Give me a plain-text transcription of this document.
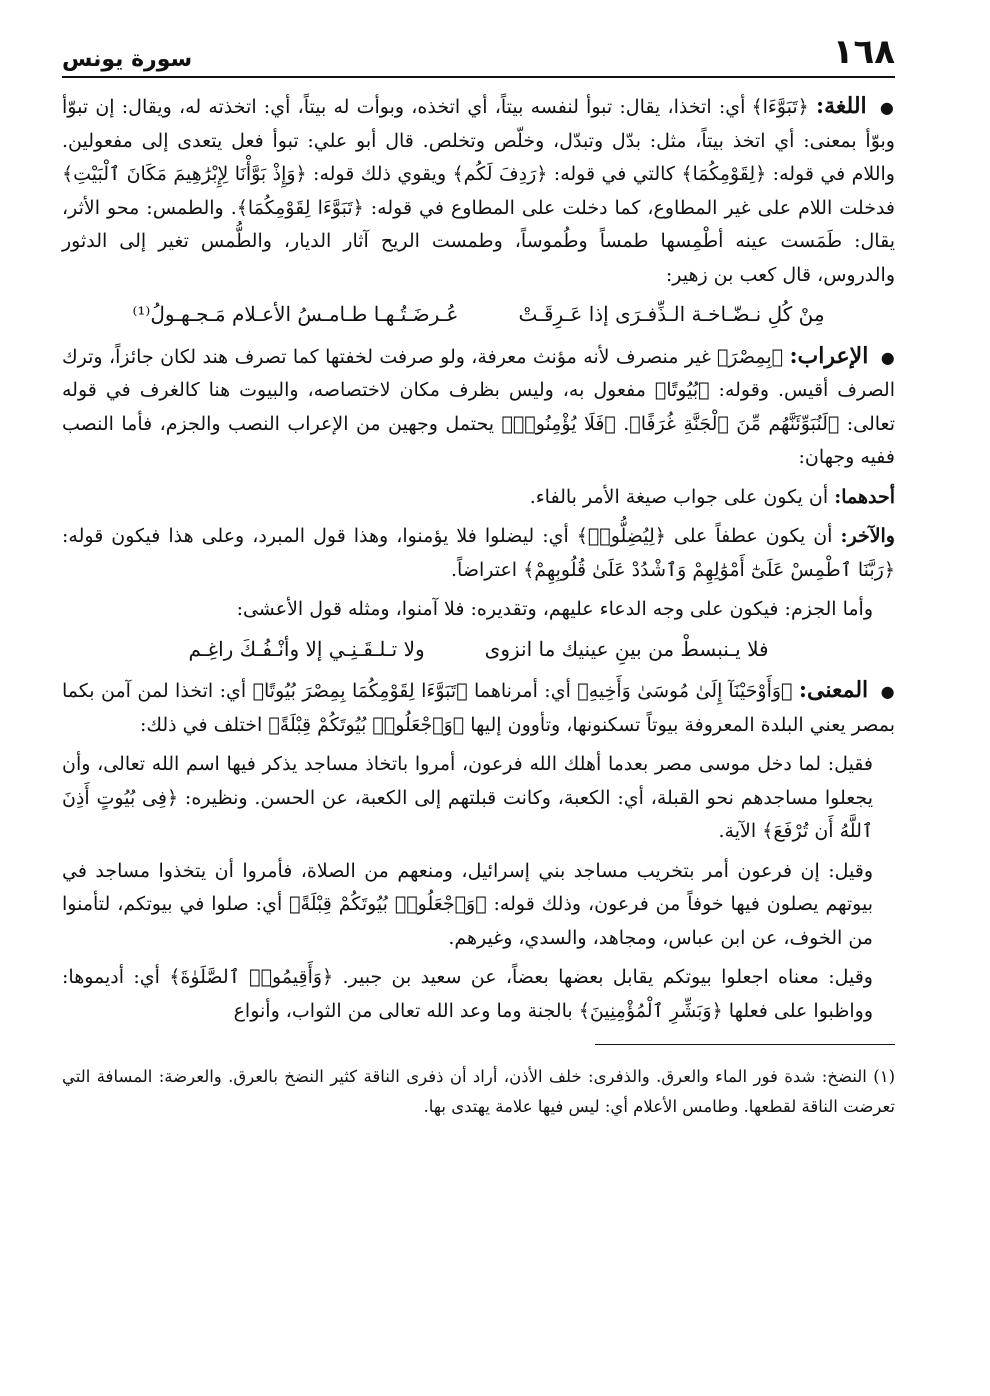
١٦٨
سورة يونس

● اللغة: ﴿تَبَوَّءَا﴾ أي: اتخذا، يقال: تبوأ لنفسه بيتاً، أي اتخذه، وبوأت له بيتاً، أي: اتخذته له، ويقال: إن تبوّأ وبوّأ بمعنى: أي اتخذ بيتاً، مثل: بدّل وتبدّل، وخلّص وتخلص. قال أبو علي: تبوأ فعل يتعدى إلى مفعولين. واللام في قوله: ﴿لِقَوْمِكُمَا﴾ كالتي في قوله: ﴿رَدِفَ لَكُم﴾ ويقوي ذلك قوله: ﴿وَإِذْ بَوَّأْنَا لِإِبْرَٰهِيمَ مَكَانَ ٱلْبَيْتِ﴾ فدخلت اللام على غير المطاوع، كما دخلت على المطاوع في قوله: ﴿تَبَوَّءَا لِقَوْمِكُمَا﴾. والطمس: محو الأثر، يقال: طَمَست عينه أطْمِسها طمساً وطُموساً، وطمست الريح آثار الديار، والطُّمس تغير إلى الدثور والدروس، قال كعب بن زهير:

مِنْ كُلِ نـضّـاخـة الـذِّفـرَى إذا عَـرِقَـتْ
عُـرضَـتُـهـا طـامـسُ الأعـلام مَـجـهـولُ⁽¹⁾

● الإعراب: ﴿بِمِصْرَ﴾ غير منصرف لأنه مؤنث معرفة، ولو صرفت لخفتها كما تصرف هند لكان جائزاً، وترك الصرف أقيس. وقوله: ﴿بُيُوتًا﴾ مفعول به، وليس بظرف مكان لاختصاصه، والبيوت هنا كالغرف في قوله تعالى: ﴿لَنُبَوِّئَنَّهُم مِّنَ ٱلْجَنَّةِ غُرَفًا﴾. ﴿فَلَا يُؤْمِنُوا۟﴾ يحتمل وجهين من الإعراب النصب والجزم، فأما النصب ففيه وجهان:

أحدهما: أن يكون على جواب صيغة الأمر بالفاء.

والآخر: أن يكون عطفاً على ﴿لِيُضِلُّوا۟﴾ أي: ليضلوا فلا يؤمنوا، وهذا قول المبرد، وعلى هذا فيكون قوله: ﴿رَبَّنَا ٱطْمِسْ عَلَىٰٓ أَمْوَٰلِهِمْ وَٱشْدُدْ عَلَىٰ قُلُوبِهِمْ﴾ اعتراضاً.

وأما الجزم: فيكون على وجه الدعاء عليهم، وتقديره: فلا آمنوا، ومثله قول الأعشى:

فلا يـنبسطْ من بينِ عينيك ما انزوى
ولا تـلـقَـنِـي إلا وأنْـفُـكَ راغِـم

● المعنى: ﴿وَأَوْحَيْنَآ إِلَىٰ مُوسَىٰ وَأَخِيهِ﴾ أي: أمرناهما ﴿تَبَوَّءَا لِقَوْمِكُمَا بِمِصْرَ بُيُوتًا﴾ أي: اتخذا لمن آمن بكما بمصر يعني البلدة المعروفة بيوتاً تسكنونها، وتأوون إليها ﴿وَٱجْعَلُوا۟ بُيُوتَكُمْ قِبْلَةً﴾ اختلف في ذلك:

فقيل: لما دخل موسى مصر بعدما أهلك الله فرعون، أمروا باتخاذ مساجد يذكر فيها اسم الله تعالى، وأن يجعلوا مساجدهم نحو القبلة، أي: الكعبة، وكانت قبلتهم إلى الكعبة، عن الحسن. ونظيره: ﴿فِى بُيُوتٍ أَذِنَ ٱللَّهُ أَن تُرْفَعَ﴾ الآية.

وقيل: إن فرعون أمر بتخريب مساجد بني إسرائيل، ومنعهم من الصلاة، فأمروا أن يتخذوا مساجد في بيوتهم يصلون فيها خوفاً من فرعون، وذلك قوله: ﴿وَٱجْعَلُوا۟ بُيُوتَكُمْ قِبْلَةً﴾ أي: صلوا في بيوتكم، لتأمنوا من الخوف، عن ابن عباس، ومجاهد، والسدي، وغيرهم.

وقيل: معناه اجعلوا بيوتكم يقابل بعضها بعضاً، عن سعيد بن جبير. ﴿وَأَقِيمُوا۟ ٱلصَّلَوٰةَ﴾ أي: أديموها: وواظبوا على فعلها ﴿وَبَشِّرِ ٱلْمُؤْمِنِينَ﴾ بالجنة وما وعد الله تعالى من الثواب، وأنواع

(١) النضخ: شدة فور الماء والعرق. والذفرى: خلف الأذن، أراد أن ذفرى الناقة كثير النضخ بالعرق. والعرضة: المسافة التي تعرضت الناقة لقطعها. وطامس الأعلام أي: ليس فيها علامة يهتدى بها.
